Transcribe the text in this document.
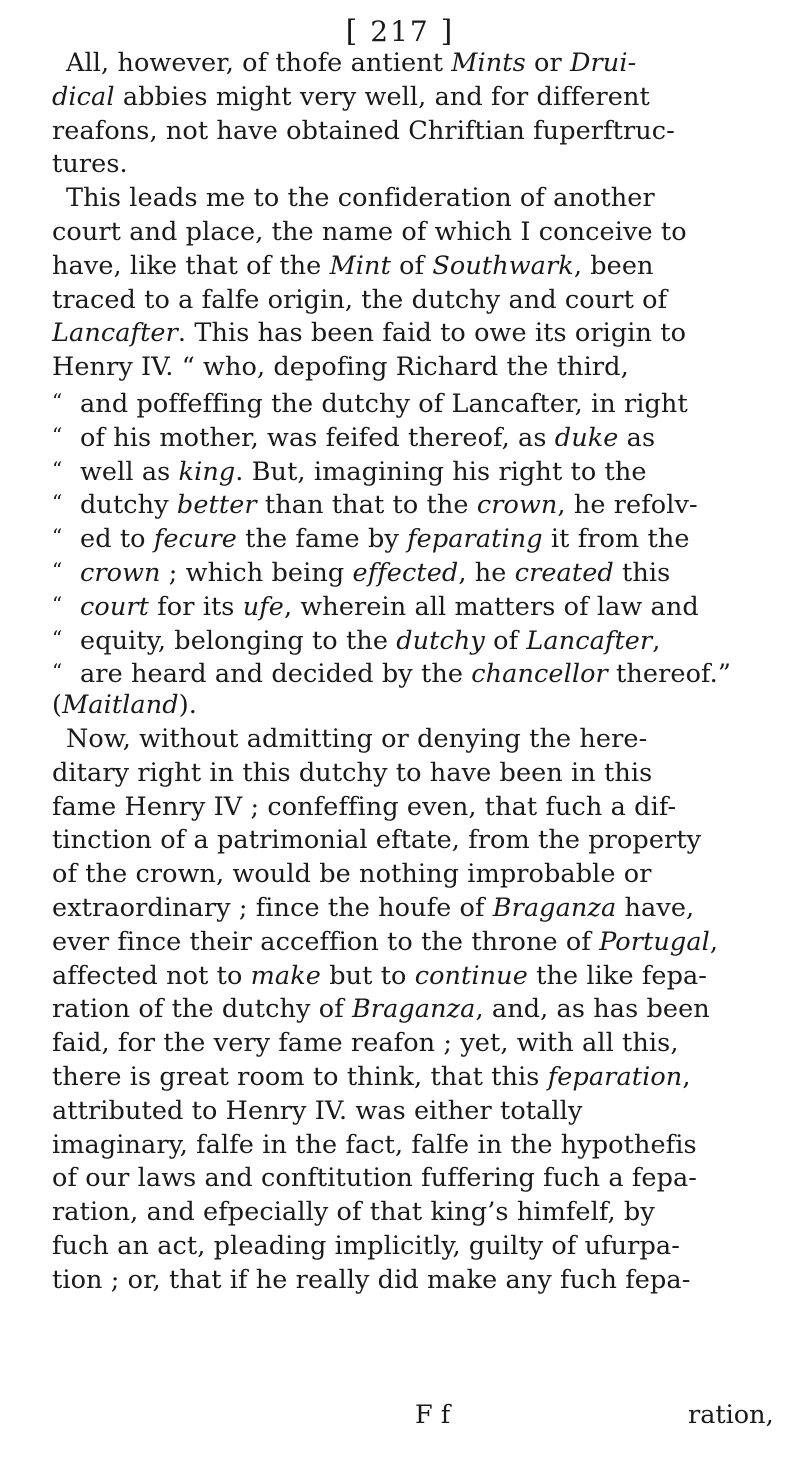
[ 217 ]
All, however, of thofe antient Mints or Drui-
dical abbies might very well, and for different
reafons, not have obtained Chriftian fuperftruc-
tures.
This leads me to the confideration of another
court and place, the name of which I conceive to
have, like that of the Mint of Southwark, been
traced to a falfe origin, the dutchy and court of
Lancafter. This has been faid to owe its origin to
Henry IV. “ who, depofing Richard the third,
“ and poffeffing the dutchy of Lancafter, in right
“ of his mother, was feifed thereof, as duke as
“ well as king. But, imagining his right to the
“ dutchy better than that to the crown, he refolv-
“ ed to fecure the fame by feparating it from the
“ crown ; which being effected, he created this
“ court for its ufe, wherein all matters of law and
“ equity, belonging to the dutchy of Lancafter,
“ are heard and decided by the chancellor thereof.”
(Maitland).
Now, without admitting or denying the here-
ditary right in this dutchy to have been in this
fame Henry IV ; confeffing even, that fuch a dif-
tinction of a patrimonial eftate, from the property
of the crown, would be nothing improbable or
extraordinary ; fince the houfe of Braganza have,
ever fince their acceffion to the throne of Portugal,
affected not to make but to continue the like fepa-
ration of the dutchy of Braganza, and, as has been
faid, for the very fame reafon ; yet, with all this,
there is great room to think, that this feparation,
attributed to Henry IV. was either totally
imaginary, falfe in the fact, falfe in the hypothefis
of our laws and conftitution fuffering fuch a fepa-
ration, and efpecially of that king’s himfelf, by
fuch an act, pleading implicitly, guilty of ufurpa-
tion ; or, that if he really did make any fuch fepa-
F f	ration,
